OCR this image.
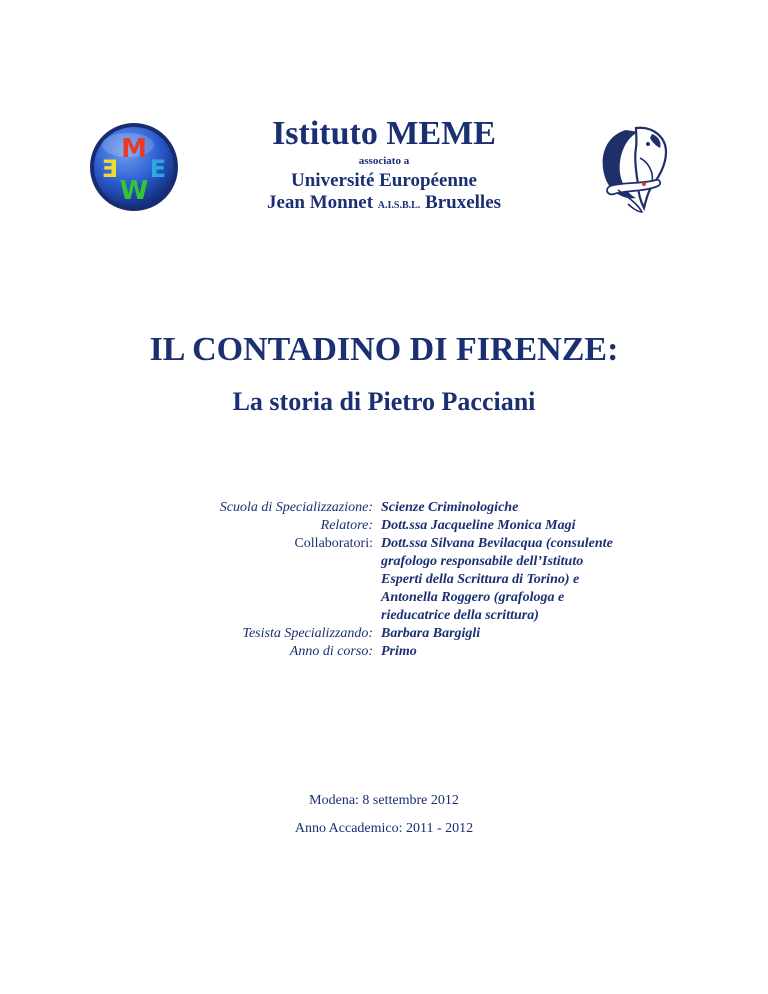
M
E
W
E
Istituto MEME
associato a
Université Européenne
Jean Monnet A.I.S.B.L. Bruxelles
IL CONTADINO DI FIRENZE:
La storia di Pietro Pacciani
Scuola di Specializzazione: Scienze Criminologiche
Relatore: Dott.ssa Jacqueline Monica Magi
Collaboratori: Dott.ssa Silvana Bevilacqua (consulente
grafologo responsabile dell’Istituto
Esperti della Scrittura di Torino) e
Antonella Roggero (grafologa e
rieducatrice della scrittura)
Tesista Specializzando: Barbara Bargigli
Anno di corso: Primo
Modena: 8 settembre 2012
Anno Accademico: 2011 - 2012
